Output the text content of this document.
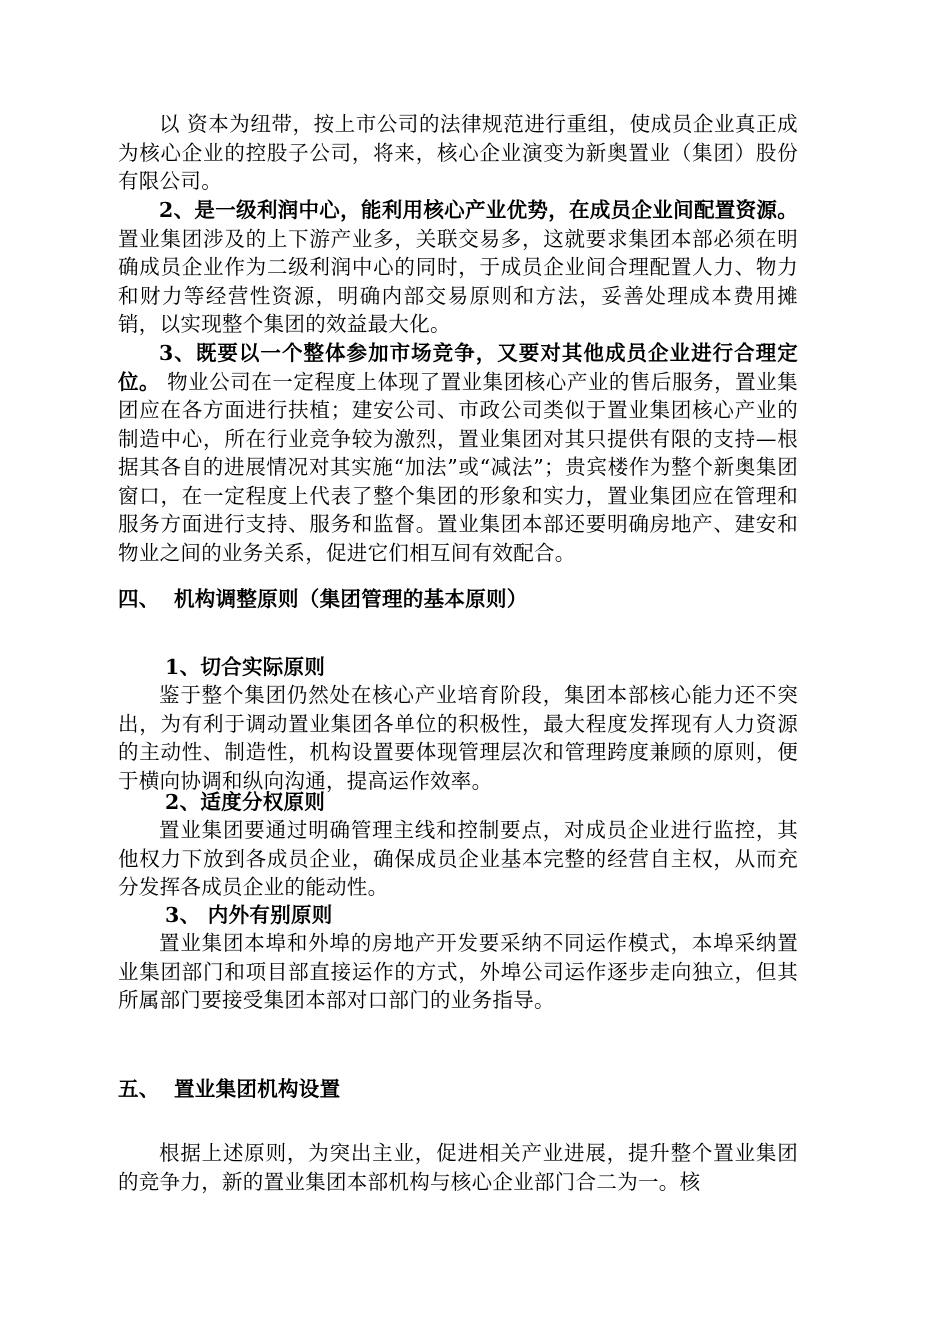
以 资本为纽带，按上市公司的法律规范进行重组，使成员企业真正成为核心企业的控股子公司，将来，核心企业演变为新奥置业（集团）股份有限公司。

2、是一级利润中心，能利用核心产业优势，在成员企业间配置资源。置业集团涉及的上下游产业多，关联交易多，这就要求集团本部必须在明确成员企业作为二级利润中心的同时，于成员企业间合理配置人力、物力和财力等经营性资源，明确内部交易原则和方法，妥善处理成本费用摊销，以实现整个集团的效益最大化。

3、既要以一个整体参加市场竞争，又要对其他成员企业进行合理定位。 物业公司在一定程度上体现了置业集团核心产业的售后服务，置业集团应在各方面进行扶植；建安公司、市政公司类似于置业集团核心产业的制造中心，所在行业竞争较为激烈，置业集团对其只提供有限的支持—根据其各自的进展情况对其实施“加法”或“减法”；贵宾楼作为整个新奥集团窗口，在一定程度上代表了整个集团的形象和实力，置业集团应在管理和服务方面进行支持、服务和监督。置业集团本部还要明确房地产、建安和物业之间的业务关系，促进它们相互间有效配合。

四、 机构调整原则（集团管理的基本原则）
1、切合实际原则

鉴于整个集团仍然处在核心产业培育阶段，集团本部核心能力还不突出，为有利于调动置业集团各单位的积极性，最大程度发挥现有人力资源的主动性、制造性，机构设置要体现管理层次和管理跨度兼顾的原则，便于横向协调和纵向沟通，提高运作效率。

2、适度分权原则

置业集团要通过明确管理主线和控制要点，对成员企业进行监控，其他权力下放到各成员企业，确保成员企业基本完整的经营自主权，从而充分发挥各成员企业的能动性。

3、 内外有别原则

置业集团本埠和外埠的房地产开发要采纳不同运作模式，本埠采纳置业集团部门和项目部直接运作的方式，外埠公司运作逐步走向独立，但其所属部门要接受集团本部对口部门的业务指导。

五、 置业集团机构设置

根据上述原则，为突出主业，促进相关产业进展，提升整个置业集团的竞争力，新的置业集团本部机构与核心企业部门合二为一。核
